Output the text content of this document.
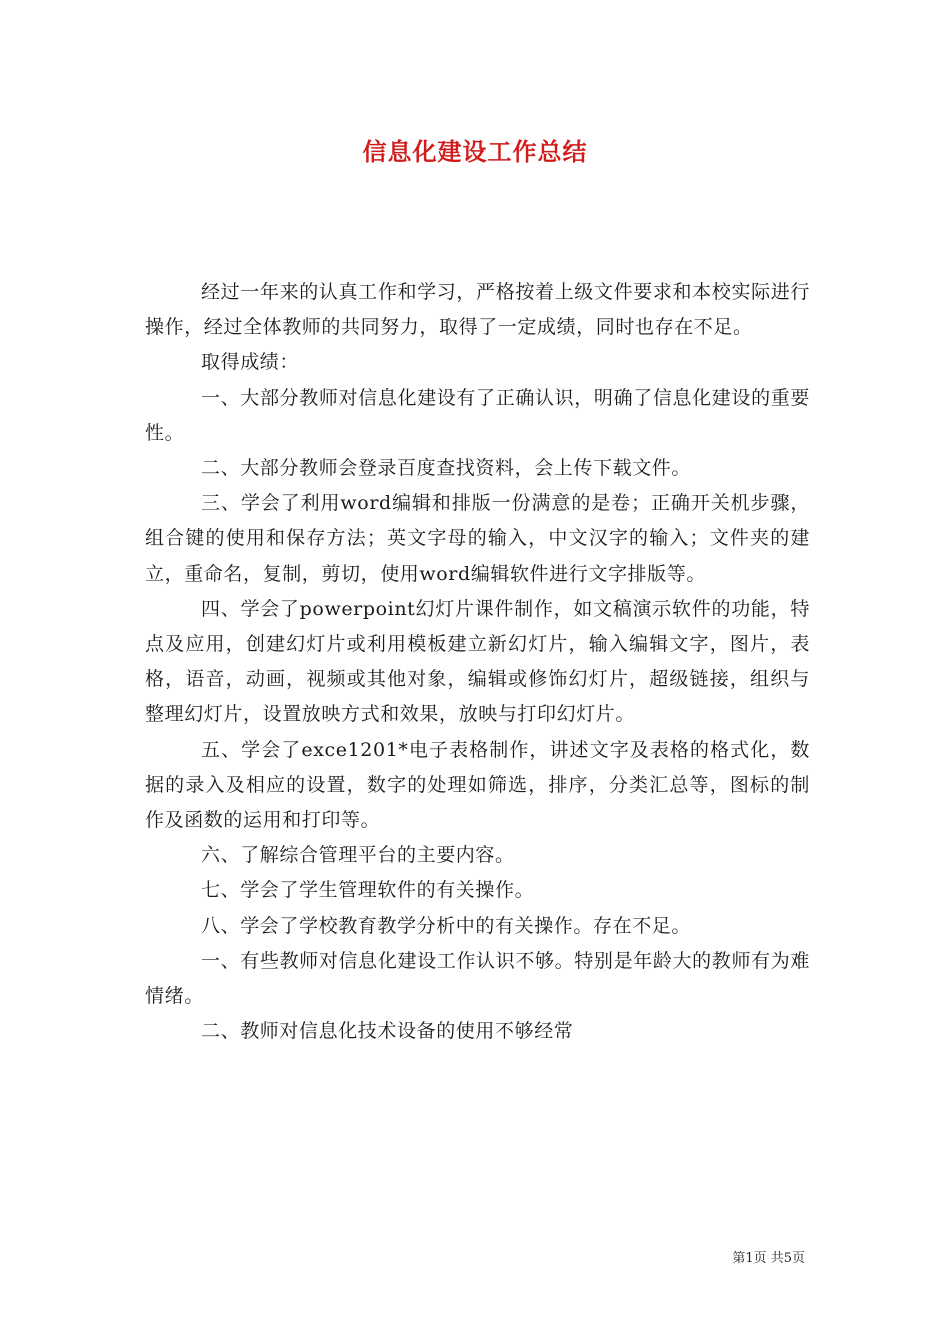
信息化建设工作总结

经过一年来的认真工作和学习，严格按着上级文件要求和本校实际进行操作，经过全体教师的共同努力，取得了一定成绩，同时也存在不足。

取得成绩：

一、大部分教师对信息化建设有了正确认识，明确了信息化建设的重要性。

二、大部分教师会登录百度查找资料，会上传下载文件。

三、学会了利用word编辑和排版一份满意的是卷；正确开关机步骤，组合键的使用和保存方法；英文字母的输入，中文汉字的输入；文件夹的建立，重命名，复制，剪切，使用word编辑软件进行文字排版等。

四、学会了powerpoint幻灯片课件制作，如文稿演示软件的功能，特点及应用，创建幻灯片或利用模板建立新幻灯片，输入编辑文字，图片，表格，语音，动画，视频或其他对象，编辑或修饰幻灯片，超级链接，组织与整理幻灯片，设置放映方式和效果，放映与打印幻灯片。

五、学会了exce1201*电子表格制作，讲述文字及表格的格式化，数据的录入及相应的设置，数字的处理如筛选，排序，分类汇总等，图标的制作及函数的运用和打印等。

六、了解综合管理平台的主要内容。

七、学会了学生管理软件的有关操作。

八、学会了学校教育教学分析中的有关操作。存在不足。

一、有些教师对信息化建设工作认识不够。特别是年龄大的教师有为难情绪。

二、教师对信息化技术设备的使用不够经常

第1页 共5页
